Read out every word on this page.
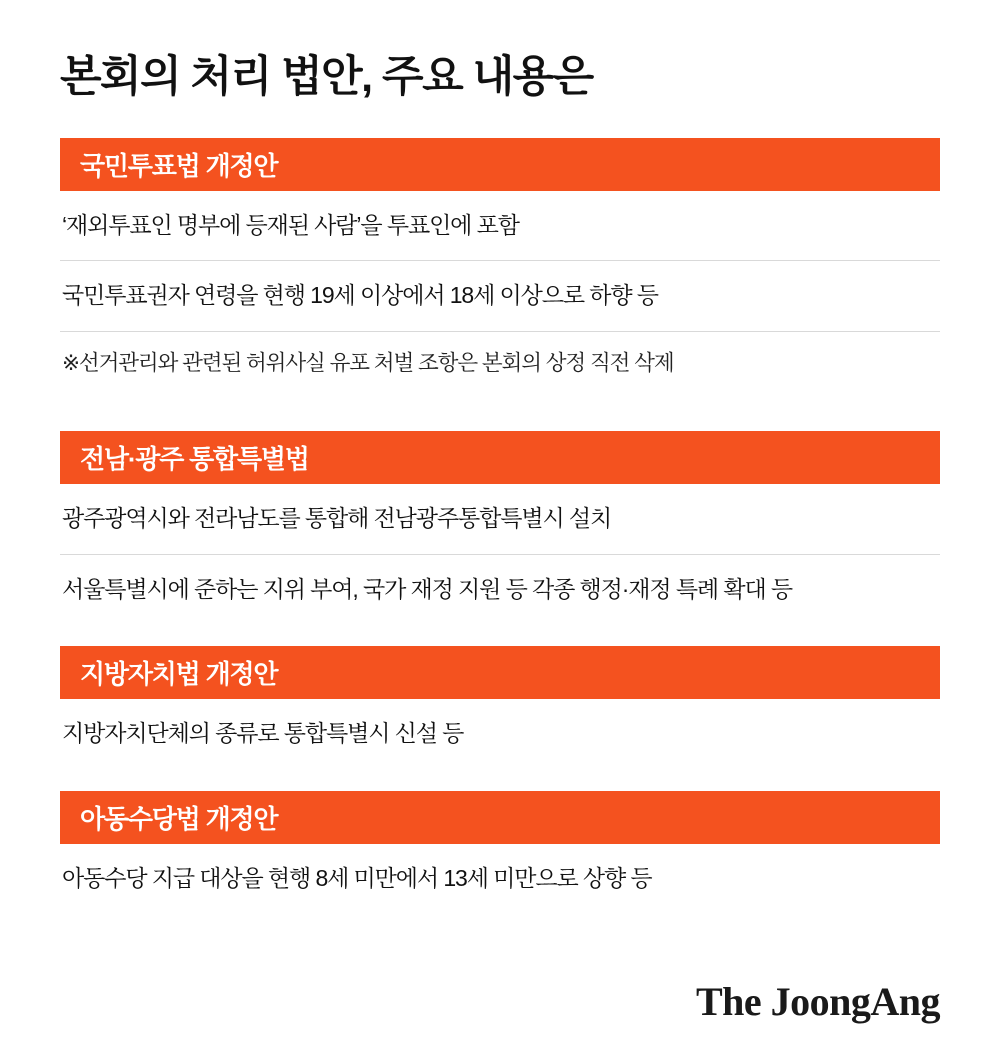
본회의 처리 법안, 주요 내용은
국민투표법 개정안
‘재외투표인 명부에 등재된 사람’을 투표인에 포함
국민투표권자 연령을 현행 19세 이상에서 18세 이상으로 하향 등
※선거관리와 관련된 허위사실 유포 처벌 조항은 본회의 상정 직전 삭제
전남·광주 통합특별법
광주광역시와 전라남도를 통합해 전남광주통합특별시 설치
서울특별시에 준하는 지위 부여, 국가 재정 지원 등 각종 행정·재정 특례 확대 등
지방자치법 개정안
지방자치단체의 종류로 통합특별시 신설 등
아동수당법 개정안
아동수당 지급 대상을 현행 8세 미만에서 13세 미만으로 상향 등
The JoongAng
